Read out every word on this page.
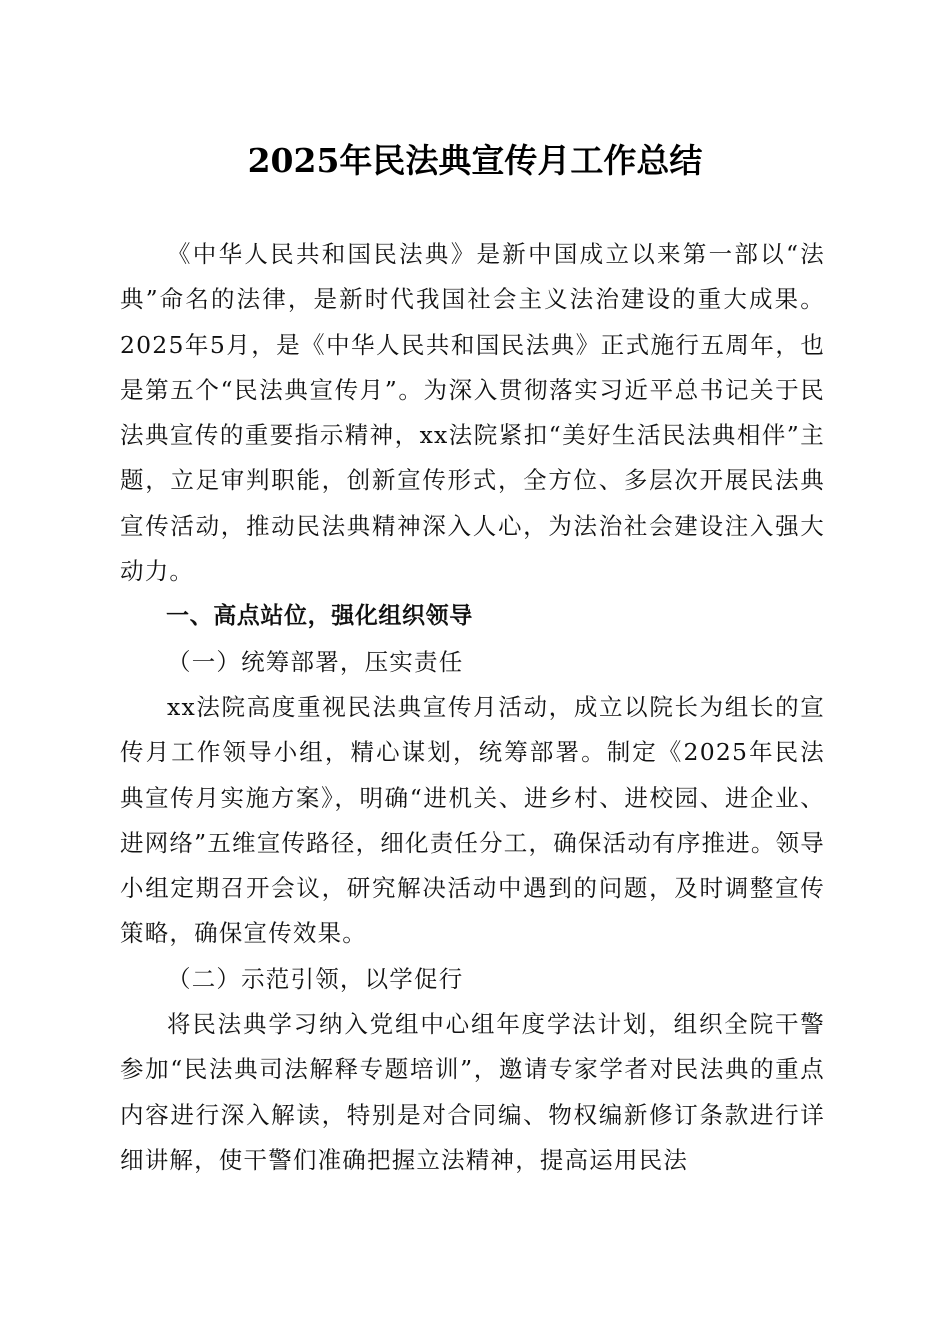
2025年民法典宣传月工作总结

《中华人民共和国民法典》是新中国成立以来第一部以“法典”命名的法律，是新时代我国社会主义法治建设的重大成果。2025年5月，是《中华人民共和国民法典》正式施行五周年，也是第五个“民法典宣传月”。为深入贯彻落实习近平总书记关于民法典宣传的重要指示精神，xx法院紧扣“美好生活民法典相伴”主题，立足审判职能，创新宣传形式，全方位、多层次开展民法典宣传活动，推动民法典精神深入人心，为法治社会建设注入强大动力。

一、高点站位，强化组织领导

（一）统筹部署，压实责任

xx法院高度重视民法典宣传月活动，成立以院长为组长的宣传月工作领导小组，精心谋划，统筹部署。制定《2025年民法典宣传月实施方案》，明确“进机关、进乡村、进校园、进企业、进网络”五维宣传路径，细化责任分工，确保活动有序推进。领导小组定期召开会议，研究解决活动中遇到的问题，及时调整宣传策略，确保宣传效果。

（二）示范引领，以学促行

将民法典学习纳入党组中心组年度学法计划，组织全院干警参加“民法典司法解释专题培训”，邀请专家学者对民法典的重点内容进行深入解读，特别是对合同编、物权编新修订条款进行详细讲解，使干警们准确把握立法精神，提高运用民法
